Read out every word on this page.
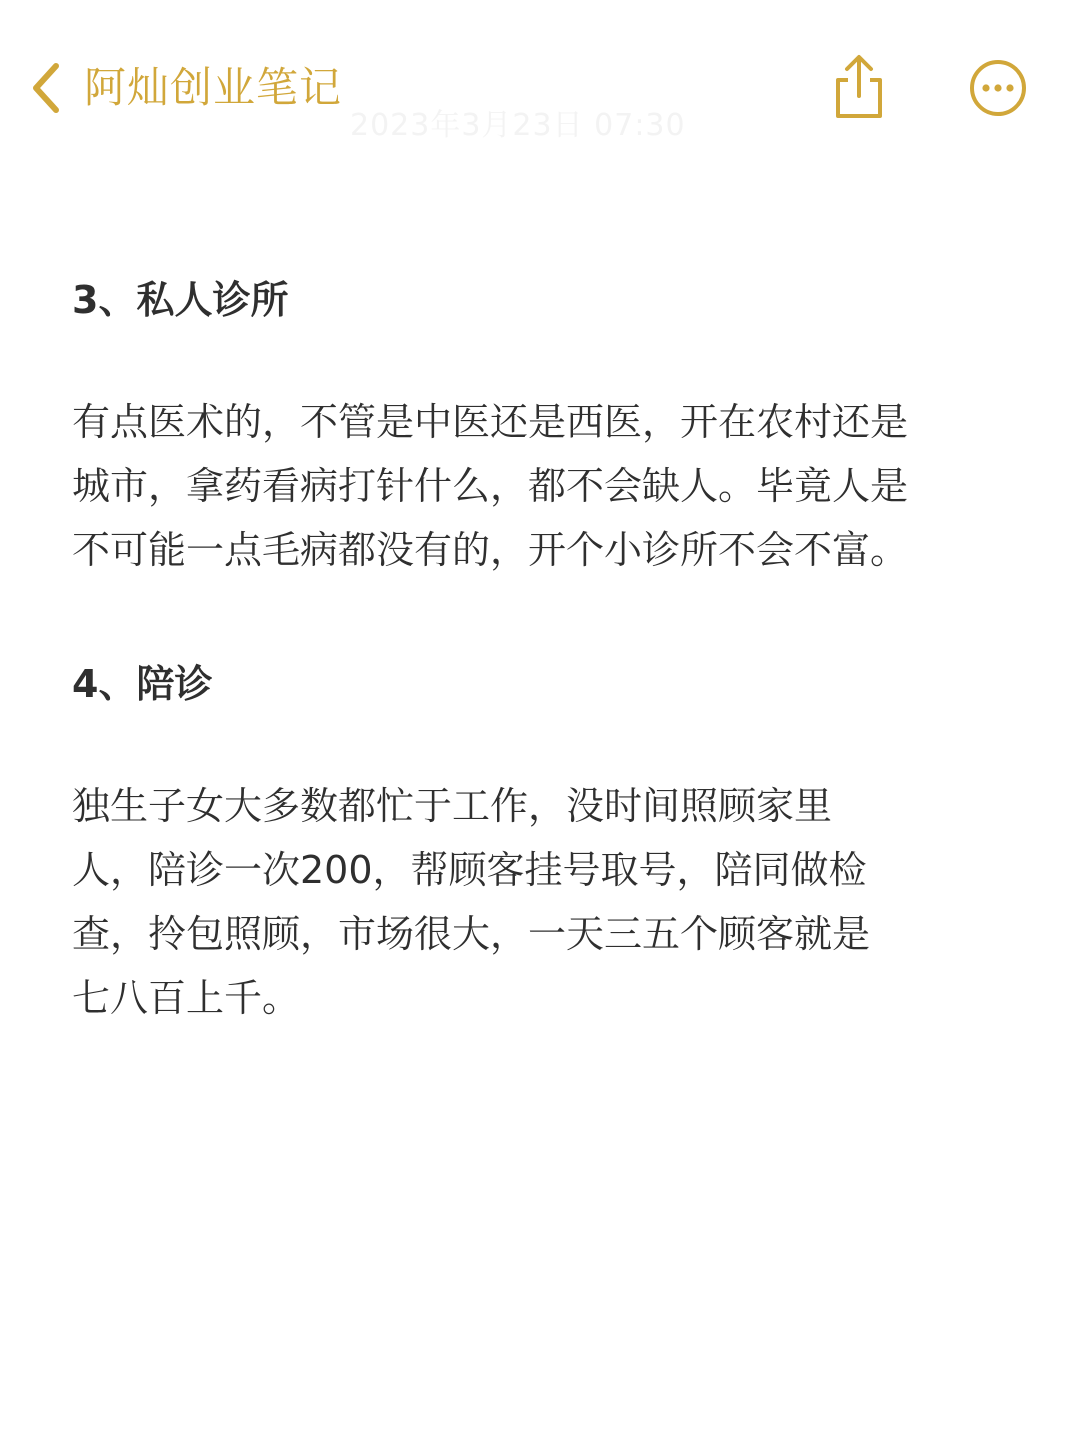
阿灿创业笔记
2023年3月23日 07:30
3、私人诊所

有点医术的，不管是中医还是西医，开在农村还是

城市，拿药看病打针什么，都不会缺人。毕竟人是

不可能一点毛病都没有的，开个小诊所不会不富。

4、陪诊

独生子女大多数都忙于工作，没时间照顾家里

人，陪诊一次200，帮顾客挂号取号，陪同做检

查，拎包照顾，市场很大，一天三五个顾客就是

七八百上千。
